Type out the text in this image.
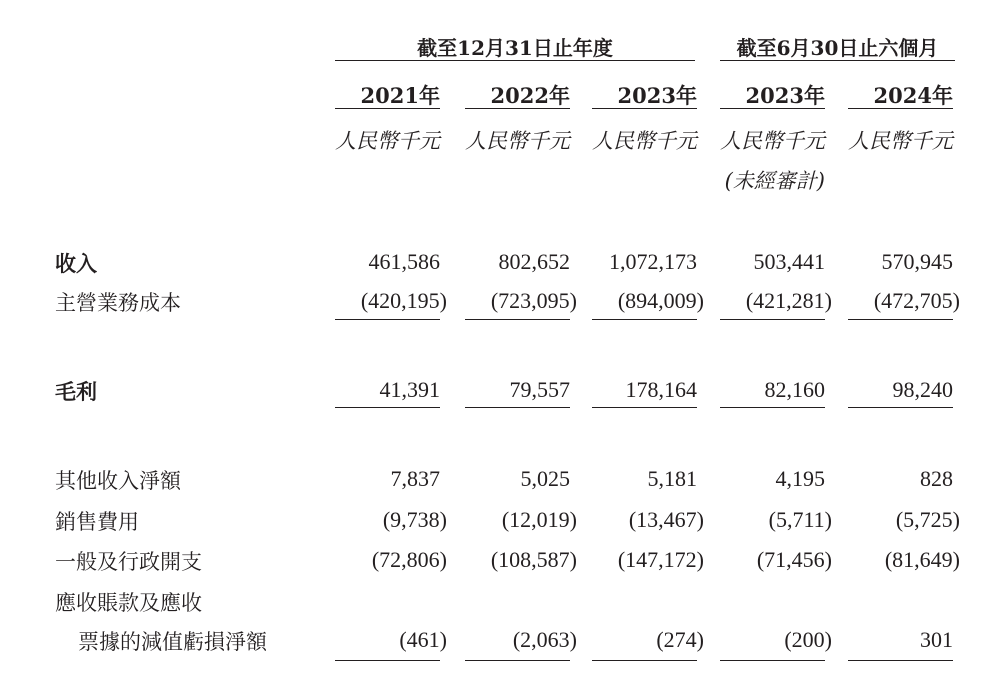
截至12月31日止年度	截至6月30日止六個月
2021年	2022年	2023年	2023年	2024年
人民幣千元	人民幣千元	人民幣千元	人民幣千元	人民幣千元
(未經審計)
收入	461,586	802,652	1,072,173	503,441	570,945
主營業務成本	(420,195)	(723,095)	(894,009)	(421,281)	(472,705)
毛利	41,391	79,557	178,164	82,160	98,240
其他收入淨額	7,837	5,025	5,181	4,195	828
銷售費用	(9,738)	(12,019)	(13,467)	(5,711)	(5,725)
一般及行政開支	(72,806)	(108,587)	(147,172)	(71,456)	(81,649)
應收賬款及應收
票據的減值虧損淨額	(461)	(2,063)	(274)	(200)	301
